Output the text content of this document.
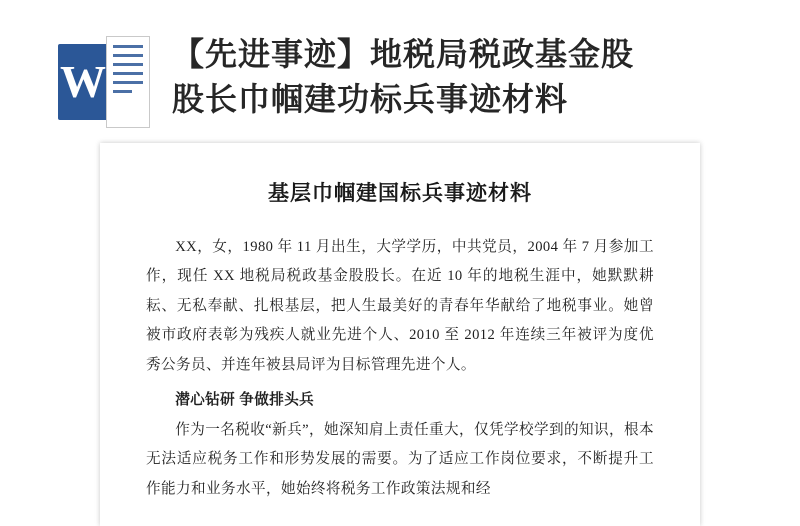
W
【先进事迹】地税局税政基金股
股长巾帼建功标兵事迹材料
基层巾帼建国标兵事迹材料

XX，女，1980 年 11 月出生，大学学历，中共党员，2004 年 7 月参加工作，现任 XX 地税局税政基金股股长。在近 10 年的地税生涯中，她默默耕耘、无私奉献、扎根基层，把人生最美好的青春年华献给了地税事业。她曾被市政府表彰为残疾人就业先进个人、2010 至 2012 年连续三年被评为度优秀公务员、并连年被县局评为目标管理先进个人。

潜心钻研 争做排头兵

作为一名税收“新兵”，她深知肩上责任重大，仅凭学校学到的知识，根本无法适应税务工作和形势发展的需要。为了适应工作岗位要求，不断提升工作能力和业务水平，她始终将税务工作政策法规和经
